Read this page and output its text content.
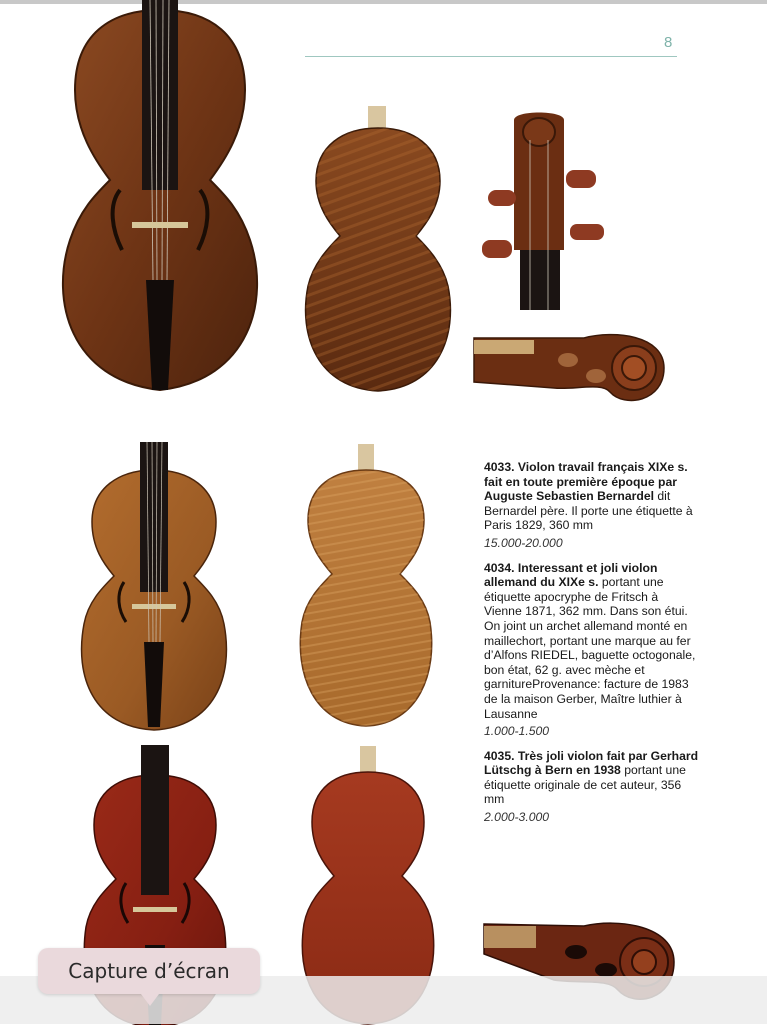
8
4033. Violon travail français XIXe s. fait en toute première époque par Auguste Sebastien Bernardel dit Bernardel père. Il porte une étiquette à Paris 1829, 360 mm
15.000-20.000
4034. Interessant et joli violon allemand du XIXe s. portant une étiquette apocryphe de Fritsch à Vienne 1871, 362 mm. Dans son étui. On joint un archet allemand monté en maillechort, portant une marque au fer d’Alfons RIEDEL, baguette octogonale, bon état, 62 g. avec mèche et garnitureProvenance: facture de 1983 de la maison Gerber, Maître luthier à Lausanne
1.000-1.500
4035. Très joli violon fait par Gerhard Lütschg à Bern en 1938 portant une étiquette originale de cet auteur, 356 mm
2.000-3.000
Capture d’écran
